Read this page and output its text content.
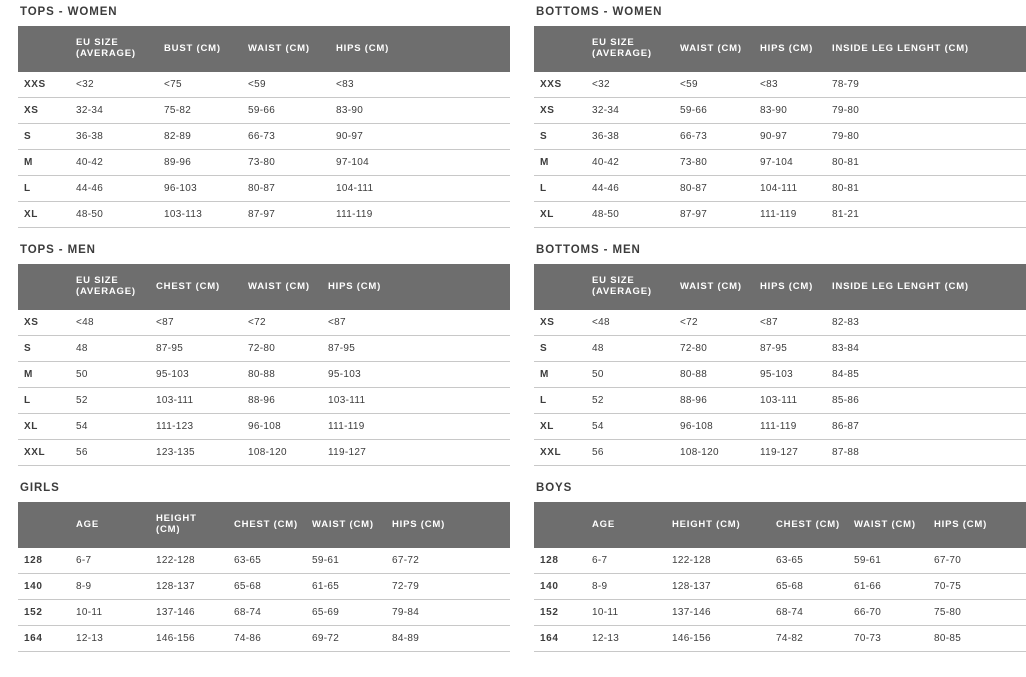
TOPS - WOMEN
	EU SIZE (AVERAGE)	BUST (CM)	WAIST (CM)	HIPS (CM)
XXS	<32	<75	<59	<83
XS	32-34	75-82	59-66	83-90
S	36-38	82-89	66-73	90-97
M	40-42	89-96	73-80	97-104
L	44-46	96-103	80-87	104-111
XL	48-50	103-113	87-97	111-119
BOTTOMS - WOMEN
	EU SIZE (AVERAGE)	WAIST (CM)	HIPS (CM)	INSIDE LEG LENGHT (CM)
XXS	<32	<59	<83	78-79
XS	32-34	59-66	83-90	79-80
S	36-38	66-73	90-97	79-80
M	40-42	73-80	97-104	80-81
L	44-46	80-87	104-111	80-81
XL	48-50	87-97	111-119	81-21
TOPS - MEN
	EU SIZE (AVERAGE)	CHEST (CM)	WAIST (CM)	HIPS (CM)
XS	<48	<87	<72	<87
S	48	87-95	72-80	87-95
M	50	95-103	80-88	95-103
L	52	103-111	88-96	103-111
XL	54	111-123	96-108	111-119
XXL	56	123-135	108-120	119-127
BOTTOMS - MEN
	EU SIZE (AVERAGE)	WAIST (CM)	HIPS (CM)	INSIDE LEG LENGHT (CM)
XS	<48	<72	<87	82-83
S	48	72-80	87-95	83-84
M	50	80-88	95-103	84-85
L	52	88-96	103-111	85-86
XL	54	96-108	111-119	86-87
XXL	56	108-120	119-127	87-88
GIRLS
	AGE	HEIGHT (CM)	CHEST (CM)	WAIST (CM)	HIPS (CM)
128	6-7	122-128	63-65	59-61	67-72
140	8-9	128-137	65-68	61-65	72-79
152	10-11	137-146	68-74	65-69	79-84
164	12-13	146-156	74-86	69-72	84-89
BOYS
	AGE	HEIGHT (CM)	CHEST (CM)	WAIST (CM)	HIPS (CM)
128	6-7	122-128	63-65	59-61	67-70
140	8-9	128-137	65-68	61-66	70-75
152	10-11	137-146	68-74	66-70	75-80
164	12-13	146-156	74-82	70-73	80-85
